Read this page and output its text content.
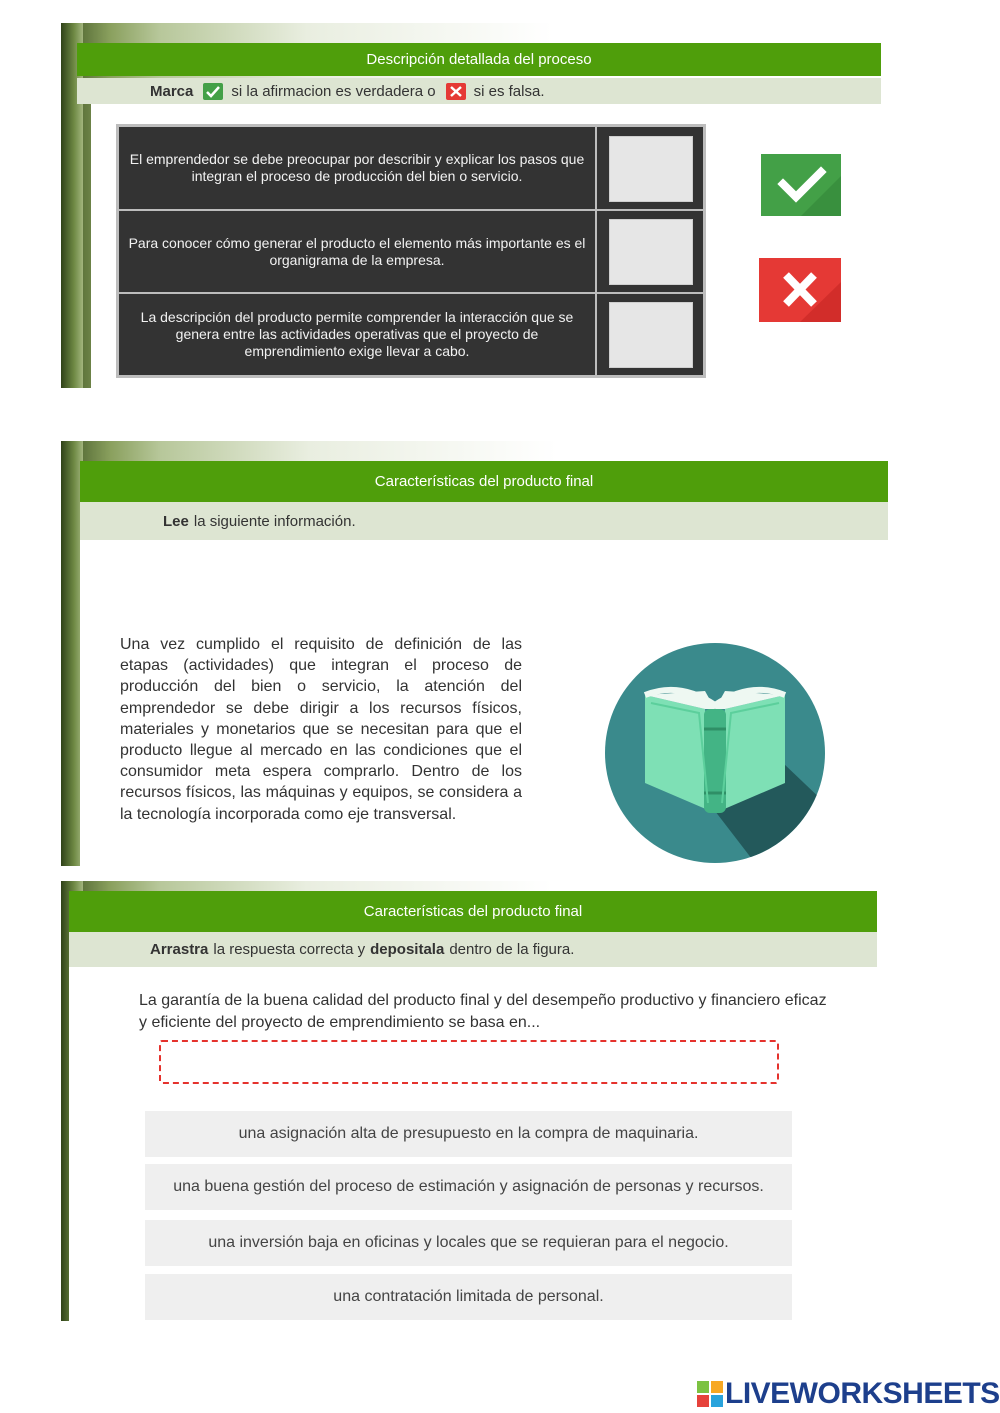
Descripción detallada del proceso
Marca	si la afirmacion es verdadera o	si es falsa.
El emprendedor se debe preocupar por describir y explicar los pasos que integran el proceso de producción del bien o servicio.
Para conocer cómo generar el producto el elemento más importante es el organigrama de la empresa.
La descripción del producto permite comprender la interacción que se genera entre las actividades operativas que el proyecto de emprendimiento exige llevar a cabo.
Características del producto final
Lee la siguiente información.
Una vez cumplido el requisito de definición de las etapas (actividades) que integran el proceso de producción del bien o servicio, la atención del emprendedor se debe dirigir a los recursos físicos, materiales y monetarios que se necesitan para que el producto llegue al mercado en las condiciones que el consumidor meta espera comprarlo. Dentro de los recursos físicos, las máquinas y equipos, se considera a la tecnología incorporada como eje transversal.
Características del producto final
Arrastra la respuesta correcta y depositala dentro de la figura.
La garantía de la buena calidad del producto final y del desempeño productivo y financiero eficaz y eficiente del proyecto de emprendimiento se basa en...
una asignación alta de presupuesto en la compra de maquinaria.
una buena gestión del proceso de estimación y asignación de personas y recursos.
una inversión baja en oficinas y locales que se requieran para el negocio.
una contratación limitada de personal.
LIVEWORKSHEETS
